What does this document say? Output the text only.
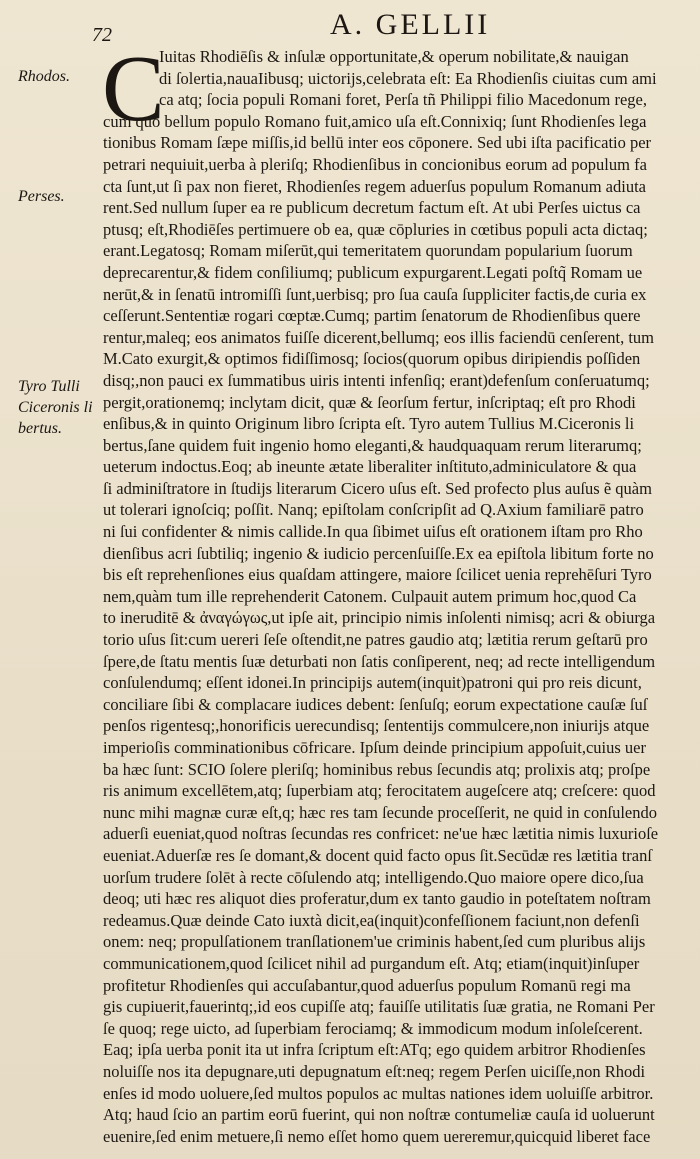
72	A. GELLII
Rhodos.
Perses.
Tyro Tulli
Ciceronis li
bertus.
C
Iuitas Rhodiēſis & inſulæ opportunitate,& operum nobilitate,& nauigan
di ſolertia,nauaIibusq; uictorijs,celebrata eſt: Ea Rhodienſis ciuitas cum ami
ca atq; ſocia populi Romani foret, Perſa tñ Philippi filio Macedonum rege,
cum quo bellum populo Romano fuit,amico uſa eſt.Connixiq; ſunt Rhodienſes lega
tionibus Romam ſæpe miſſis,id bellū inter eos cōponere. Sed ubi iſta pacificatio per
petrari nequiuit,uerba à pleriſq; Rhodienſibus in concionibus eorum ad populum fa
cta ſunt,ut ſi pax non fieret, Rhodienſes regem aduerſus populum Romanum adiuta
rent.Sed nullum ſuper ea re publicum decretum factum eſt. At ubi Perſes uictus ca
ptusq; eſt,Rhodiēſes pertimuere ob ea, quæ cōpluries in cœtibus populi acta dictaq;
erant.Legatosq; Romam miſerūt,qui temeritatem quorundam popularium ſuorum
deprecarentur,& fidem conſiliumq; publicum expurgarent.Legati poſtq̃ Romam ue
nerūt,& in ſenatū intromiſſi ſunt,uerbisq; pro ſua cauſa ſuppliciter factis,de curia ex
ceſſerunt.Sententiæ rogari cœptæ.Cumq; partim ſenatorum de Rhodienſibus quere
rentur,maleq; eos animatos fuiſſe dicerent,bellumq; eos illis faciendū cenſerent, tum
M.Cato exurgit,& optimos fidiſſimosq; ſocios(quorum opibus diripiendis poſſiden
disq;,non pauci ex ſummatibus uiris intenti infenſiq; erant)defenſum conſeruatumq;
pergit,orationemq; inclytam dicit, quæ & ſeorſum fertur, inſcriptaq; eſt pro Rhodi
enſibus,& in quinto Originum libro ſcripta eſt. Tyro autem Tullius M.Ciceronis li
bertus,ſane quidem fuit ingenio homo eleganti,& haudquaquam rerum literarumq;
ueterum indoctus.Eoq; ab ineunte ætate liberaliter inſtituto,adminiculatore & qua
ſi adminiſtratore in ſtudijs literarum Cicero uſus eſt. Sed profecto plus auſus ẽ quàm
ut tolerari ignoſciq; poſſit. Nanq; epiſtolam conſcripſit ad Q.Axium familiarē patro
ni ſui confidenter & nimis callide.In qua ſibimet uiſus eſt orationem iſtam pro Rho
dienſibus acri ſubtiliq; ingenio & iudicio percenſuiſſe.Ex ea epiſtola libitum forte no
bis eſt reprehenſiones eius quaſdam attingere, maiore ſcilicet uenia reprehēſuri Tyro
nem,quàm tum ille reprehenderit Catonem. Culpauit autem primum hoc,quod Ca
to ineruditē & ἀναγώγως,ut ipſe ait, principio nimis inſolenti nimisq; acri & obiurga
torio uſus ſit:cum uereri ſeſe oſtendit,ne patres gaudio atq; lætitia rerum geſtarū pro
ſpere,de ſtatu mentis ſuæ deturbati non ſatis conſiperent, neq; ad recte intelligendum
conſulendumq; eſſent idonei.In principijs autem(inquit)patroni qui pro reis dicunt,
conciliare ſibi & complacare iudices debent: ſenſuſq; eorum expectatione cauſæ ſuſ
penſos rigentesq;,honorificis uerecundisq; ſententijs commulcere,non iniurijs atque
imperioſis comminationibus cōfricare. Ipſum deinde principium appoſuit,cuius uer
ba hæc ſunt: SCIO ſolere pleriſq; hominibus rebus ſecundis atq; prolixis atq; proſpe
ris animum excellētem,atq; ſuperbiam atq; ferocitatem augeſcere atq; creſcere: quod
nunc mihi magnæ curæ eſt,q; hæc res tam ſecunde proceſſerit, ne quid in conſulendo
aduerſi eueniat,quod noſtras ſecundas res confricet: ne'ue hæc lætitia nimis luxurioſe
eueniat.Aduerſæ res ſe domant,& docent quid facto opus ſit.Secūdæ res lætitia tranſ
uorſum trudere ſolēt à recte cōſulendo atq; intelligendo.Quo maiore opere dico,ſua
deoq; uti hæc res aliquot dies proferatur,dum ex tanto gaudio in poteſtatem noſtram
redeamus.Quæ deinde Cato iuxtà dicit,ea(inquit)confeſſionem faciunt,non defenſi
onem: neq; propulſationem tranſlationem'ue criminis habent,ſed cum pluribus alijs
communicationem,quod ſcilicet nihil ad purgandum eſt. Atq; etiam(inquit)inſuper
profitetur Rhodienſes qui accuſabantur,quod aduerſus populum Romanū regi ma
gis cupiuerit,fauerintq;,id eos cupiſſe atq; fauiſſe utilitatis ſuæ gratia, ne Romani Per
ſe quoq; rege uicto, ad ſuperbiam ferociamq; & immodicum modum inſoleſcerent.
Eaq; ipſa uerba ponit ita ut infra ſcriptum eſt:ATq; ego quidem arbitror Rhodienſes
noluiſſe nos ita depugnare,uti depugnatum eſt:neq; regem Perſen uiciſſe,non Rhodi
enſes id modo uoluere,ſed multos populos ac multas nationes idem uoluiſſe arbitror.
Atq; haud ſcio an partim eorū fuerint, qui non noſtræ contumeliæ cauſa id uoluerunt
euenire,ſed enim metuere,ſi nemo eſſet homo quem uereremur,quicquid liberet face
